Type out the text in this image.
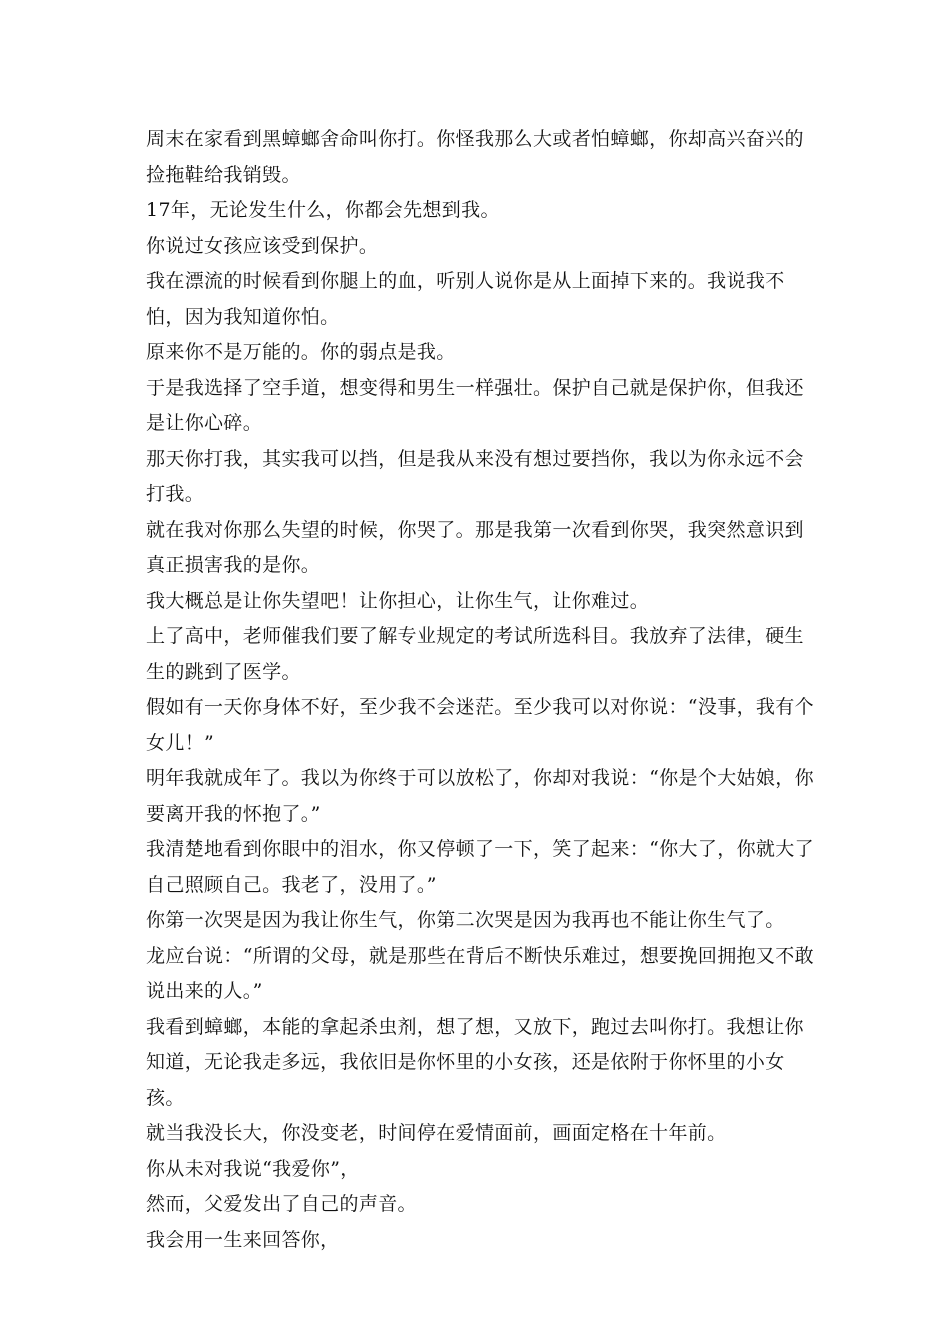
周末在家看到黑蟑螂舍命叫你打。你怪我那么大或者怕蟑螂，你却高兴奋兴的捡拖鞋给我销毁。

17年，无论发生什么，你都会先想到我。

你说过女孩应该受到保护。

我在漂流的时候看到你腿上的血，听别人说你是从上面掉下来的。我说我不怕，因为我知道你怕。

原来你不是万能的。你的弱点是我。

于是我选择了空手道，想变得和男生一样强壮。保护自己就是保护你，但我还是让你心碎。

那天你打我，其实我可以挡，但是我从来没有想过要挡你，我以为你永远不会打我。

就在我对你那么失望的时候，你哭了。那是我第一次看到你哭，我突然意识到真正损害我的是你。

我大概总是让你失望吧！让你担心，让你生气，让你难过。

上了高中，老师催我们要了解专业规定的考试所选科目。我放弃了法律，硬生生的跳到了医学。

假如有一天你身体不好，至少我不会迷茫。至少我可以对你说：“没事，我有个女儿！”

明年我就成年了。我以为你终于可以放松了，你却对我说：“你是个大姑娘，你要离开我的怀抱了。”

我清楚地看到你眼中的泪水，你又停顿了一下，笑了起来：“你大了，你就大了自己照顾自己。我老了，没用了。”

你第一次哭是因为我让你生气，你第二次哭是因为我再也不能让你生气了。

龙应台说：“所谓的父母，就是那些在背后不断快乐难过，想要挽回拥抱又不敢说出来的人。”

我看到蟑螂，本能的拿起杀虫剂，想了想，又放下，跑过去叫你打。我想让你知道，无论我走多远，我依旧是你怀里的小女孩，还是依附于你怀里的小女孩。

就当我没长大，你没变老，时间停在爱情面前，画面定格在十年前。

你从未对我说“我爱你”，

然而，父爱发出了自己的声音。

我会用一生来回答你，
